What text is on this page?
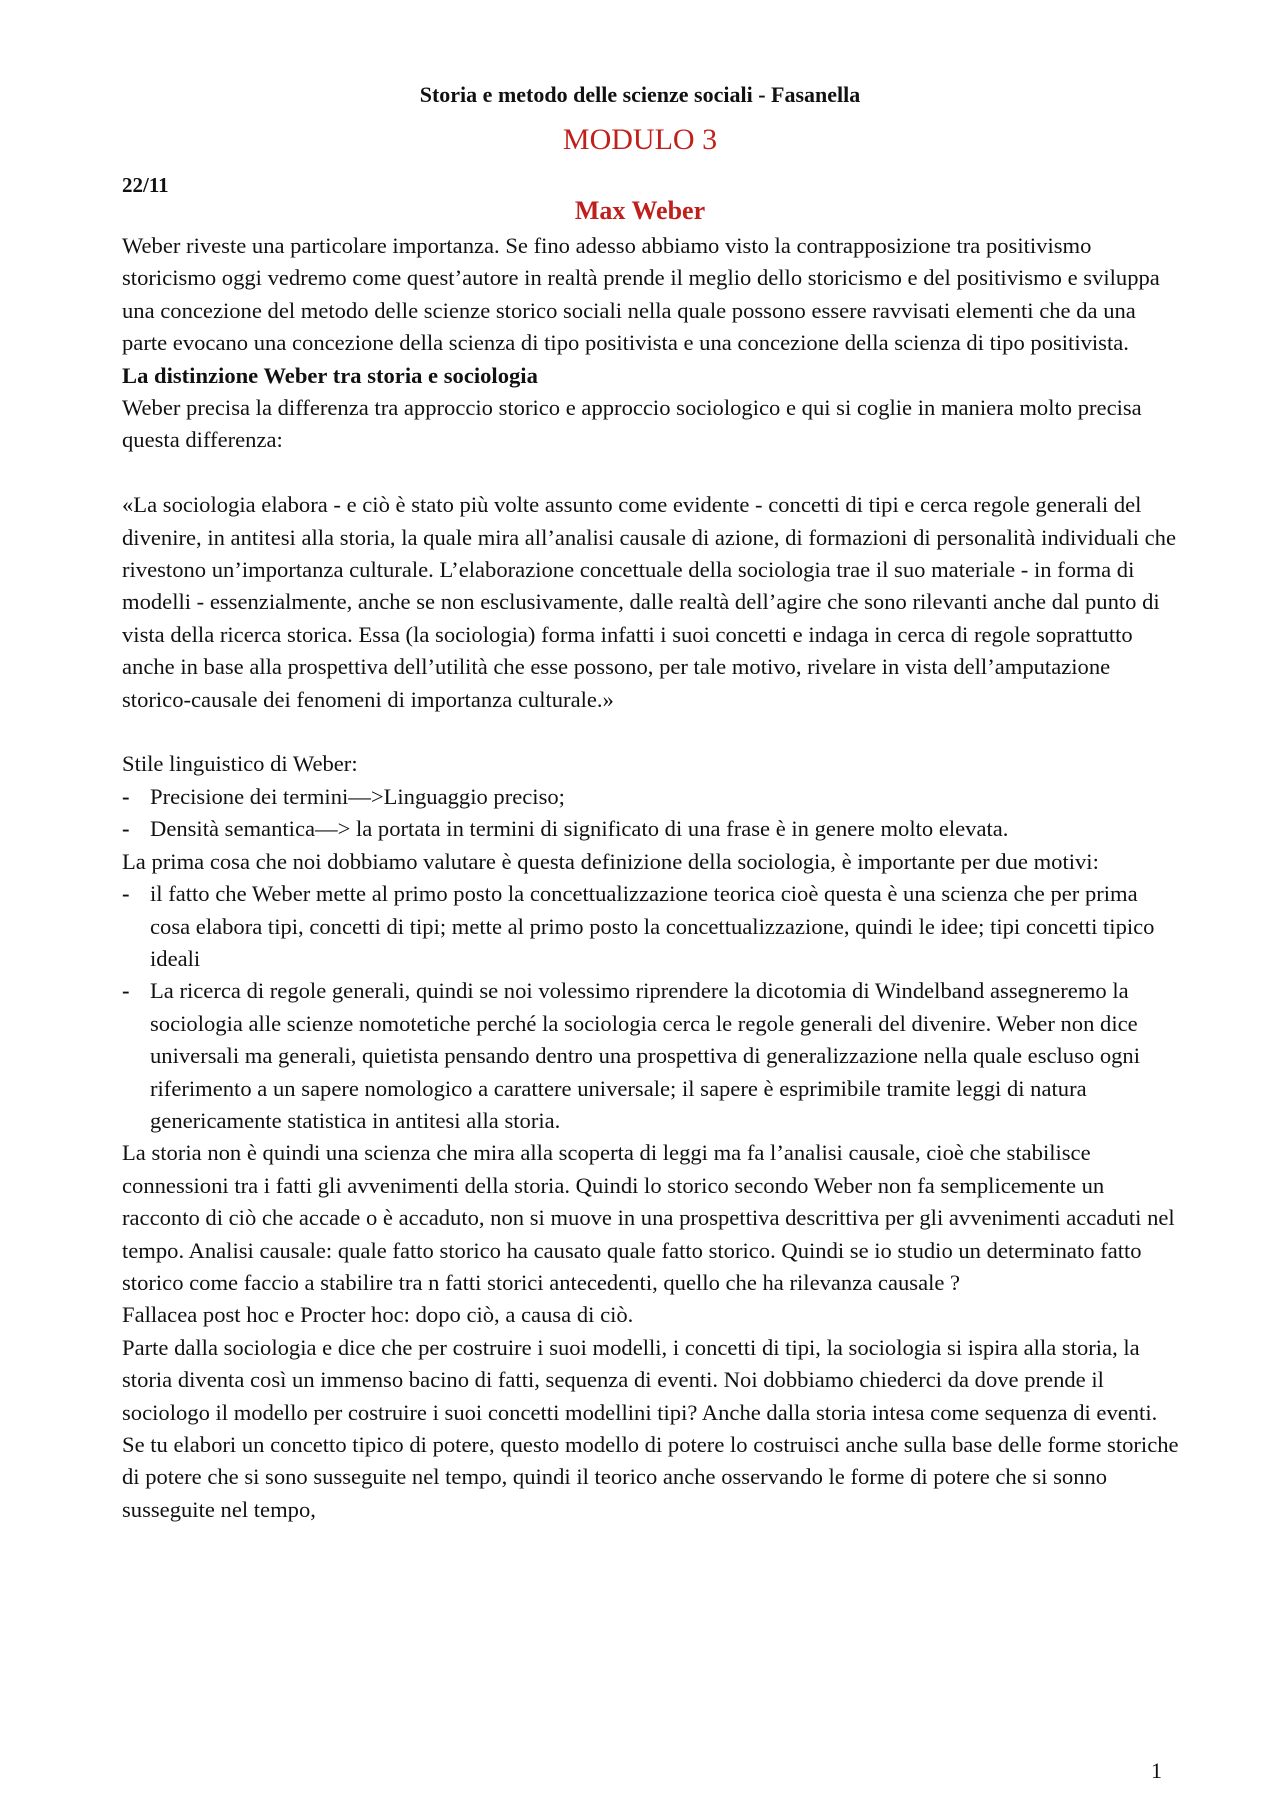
Storia e metodo delle scienze sociali - Fasanella
MODULO 3
22/11
Max Weber

Weber riveste una particolare importanza. Se fino adesso abbiamo visto la contrapposizione tra positivismo storicismo oggi vedremo come quest’autore in realtà prende il meglio dello storicismo e del positivismo e sviluppa una concezione del metodo delle scienze storico sociali nella quale possono essere ravvisati elementi che da una parte evocano una concezione della scienza di tipo positivista e una concezione della scienza di tipo positivista.

La distinzione Weber tra storia e sociologia

Weber precisa la differenza tra approccio storico e approccio sociologico e qui si coglie in maniera molto precisa questa differenza:

«La sociologia elabora - e ciò è stato più volte assunto come evidente - concetti di tipi e cerca regole generali del divenire, in antitesi alla storia, la quale mira all’analisi causale di azione, di formazioni di personalità individuali che rivestono un’importanza culturale. L’elaborazione concettuale della sociologia trae il suo materiale - in forma di modelli - essenzialmente, anche se non esclusivamente, dalle realtà dell’agire che sono rilevanti anche dal punto di vista della ricerca storica. Essa (la sociologia) forma infatti i suoi concetti e indaga in cerca di regole soprattutto anche in base alla prospettiva dell’utilità che esse possono, per tale motivo, rivelare in vista dell’amputazione storico-causale dei fenomeni di importanza culturale.»

Stile linguistico di Weber:

- Precisione dei termini—>Linguaggio preciso;
- Densità semantica—> la portata in termini di significato di una frase è in genere molto elevata.

La prima cosa che noi dobbiamo valutare è questa definizione della sociologia, è importante per due motivi:

- il fatto che Weber mette al primo posto la concettualizzazione teorica cioè questa è una scienza che per prima cosa elabora tipi, concetti di tipi; mette al primo posto la concettualizzazione, quindi le idee; tipi concetti tipico ideali
- La ricerca di regole generali, quindi se noi volessimo riprendere la dicotomia di Windelband assegneremo la sociologia alle scienze nomotetiche perché la sociologia cerca le regole generali del divenire. Weber non dice universali ma generali, quietista pensando dentro una prospettiva di generalizzazione nella quale escluso ogni riferimento a un sapere nomologico a carattere universale; il sapere è esprimibile tramite leggi di natura genericamente statistica in antitesi alla storia.

La storia non è quindi una scienza che mira alla scoperta di leggi ma fa l’analisi causale, cioè che stabilisce connessioni tra i fatti gli avvenimenti della storia. Quindi lo storico secondo Weber non fa semplicemente un racconto di ciò che accade o è accaduto, non si muove in una prospettiva descrittiva per gli avvenimenti accaduti nel tempo. Analisi causale: quale fatto storico ha causato quale fatto storico. Quindi se io studio un determinato fatto storico come faccio a stabilire tra n fatti storici antecedenti, quello che ha rilevanza causale ?

Fallacea post hoc e Procter hoc: dopo ciò, a causa di ciò.

Parte dalla sociologia e dice che per costruire i suoi modelli, i concetti di tipi, la sociologia si ispira alla storia, la storia diventa così un immenso bacino di fatti, sequenza di eventi. Noi dobbiamo chiederci da dove prende il sociologo il modello per costruire i suoi concetti modellini tipi? Anche dalla storia intesa come sequenza di eventi. Se tu elabori un concetto tipico di potere, questo modello di potere lo costruisci anche sulla base delle forme storiche di potere che si sono susseguite nel tempo, quindi il teorico anche osservando le forme di potere che si sonno susseguite nel tempo,

1
